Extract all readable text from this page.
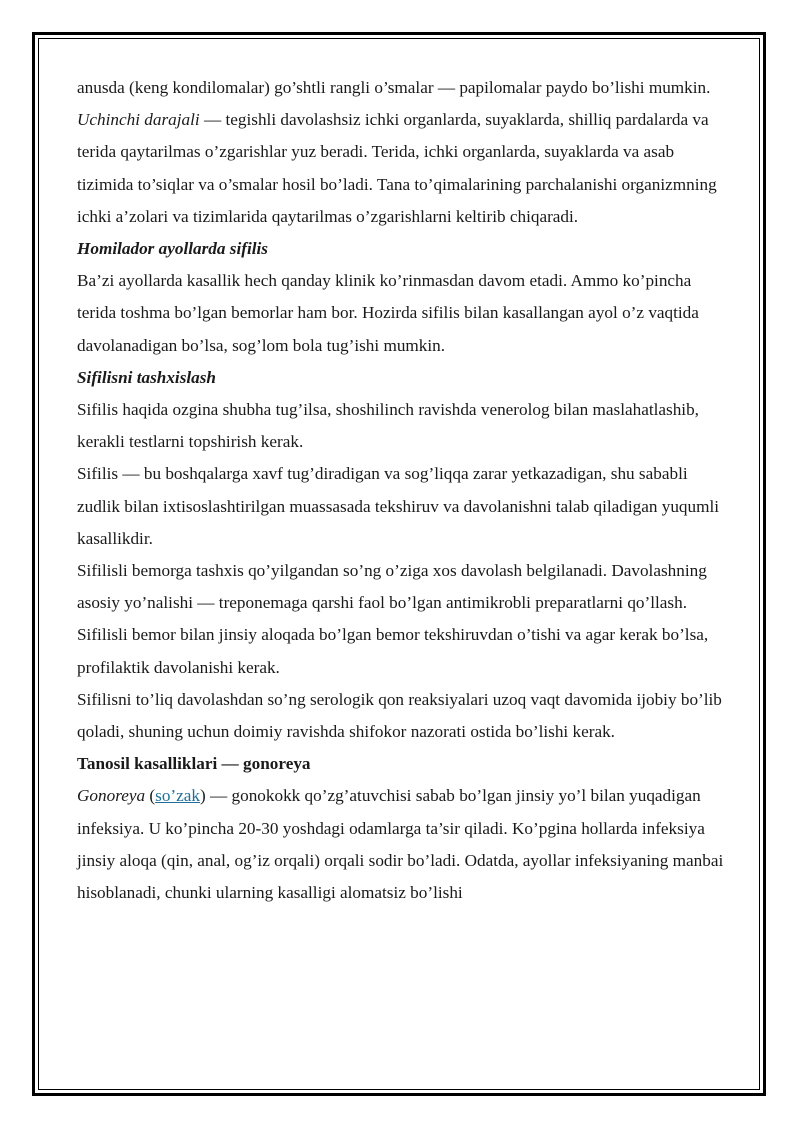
anusda (keng kondilomalar) go’shtli rangli o’smalar — papilomalar paydo bo’lishi mumkin.

Uchinchi darajali — tegishli davolashsiz ichki organlarda, suyaklarda, shilliq pardalarda va terida qaytarilmas o’zgarishlar yuz beradi. Terida, ichki organlarda, suyaklarda va asab tizimida to’siqlar va o’smalar hosil bo’ladi. Tana to’qimalarining parchalanishi organizmning ichki a’zolari va tizimlarida qaytarilmas o’zgarishlarni keltirib chiqaradi.

Homilador ayollarda sifilis

Ba’zi ayollarda kasallik hech qanday klinik ko’rinmasdan davom etadi. Ammo ko’pincha terida toshma bo’lgan bemorlar ham bor. Hozirda sifilis bilan kasallangan ayol o’z vaqtida davolanadigan bo’lsa, sog’lom bola tug’ishi mumkin.

Sifilisni tashxislash

Sifilis haqida ozgina shubha tug’ilsa, shoshilinch ravishda venerolog bilan maslahatlashib, kerakli testlarni topshirish kerak.

Sifilis — bu boshqalarga xavf tug’diradigan va sog’liqqa zarar yetkazadigan, shu sababli zudlik bilan ixtisoslashtirilgan muassasada tekshiruv va davolanishni talab qiladigan yuqumli kasallikdir.

Sifilisli bemorga tashxis qo’yilgandan so’ng o’ziga xos davolash belgilanadi. Davolashning asosiy yo’nalishi — treponemaga qarshi faol bo’lgan antimikrobli preparatlarni qo’llash. Sifilisli bemor bilan jinsiy aloqada bo’lgan bemor tekshiruvdan o’tishi va agar kerak bo’lsa, profilaktik davolanishi kerak.

Sifilisni to’liq davolashdan so’ng serologik qon reaksiyalari uzoq vaqt davomida ijobiy bo’lib qoladi, shuning uchun doimiy ravishda shifokor nazorati ostida bo’lishi kerak.

Tanosil kasalliklari — gonoreya

Gonoreya (so’zak) — gonokokk qo’zg’atuvchisi sabab bo’lgan jinsiy yo’l bilan yuqadigan infeksiya. U ko’pincha 20-30 yoshdagi odamlarga ta’sir qiladi. Ko’pgina hollarda infeksiya jinsiy aloqa (qin, anal, og’iz orqali) orqali sodir bo’ladi. Odatda, ayollar infeksiyaning manbai hisoblanadi, chunki ularning kasalligi alomatsiz bo’lishi
